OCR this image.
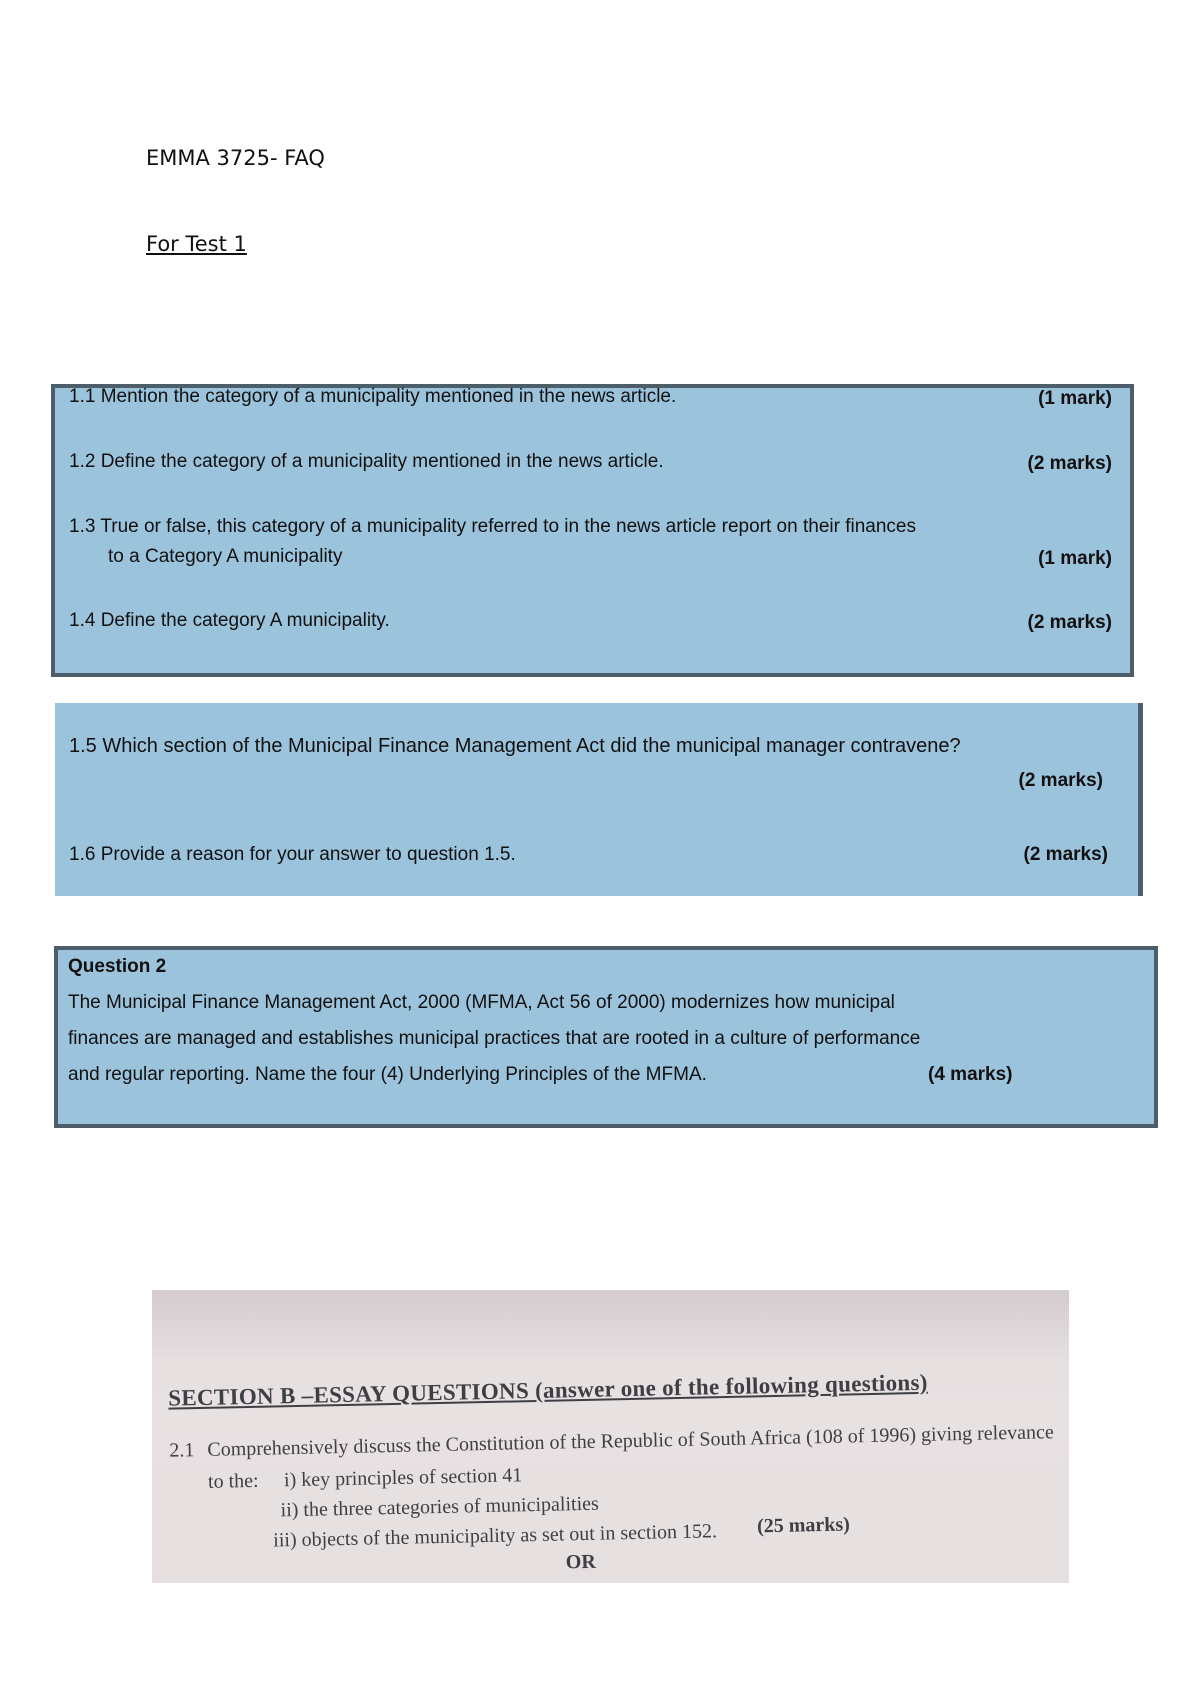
EMMA 3725- FAQ
For Test 1
1.1 Mention the category of a municipality mentioned in the news article.	(1 mark)
1.2 Define the category of a municipality mentioned in the news article.	(2 marks)
1.3 True or false, this category of a municipality referred to in the news article report on their finances
to a Category A municipality	(1 mark)
1.4 Define the category A municipality.	(2 marks)
1.5 Which section of the Municipal Finance Management Act did the municipal manager contravene?
(2 marks)
1.6 Provide a reason for your answer to question 1.5.	(2 marks)
Question 2
The Municipal Finance Management Act, 2000 (MFMA, Act 56 of 2000) modernizes how municipal
finances are managed and establishes municipal practices that are rooted in a culture of performance
and regular reporting. Name the four (4) Underlying Principles of the MFMA.	(4 marks)
SECTION B –ESSAY QUESTIONS (answer one of the following questions)
2.1 Comprehensively discuss the Constitution of the Republic of South Africa (108 of 1996) giving relevance
to the: i) key principles of section 41
ii) the three categories of municipalities
iii) objects of the municipality as set out in section 152. (25 marks)
OR
